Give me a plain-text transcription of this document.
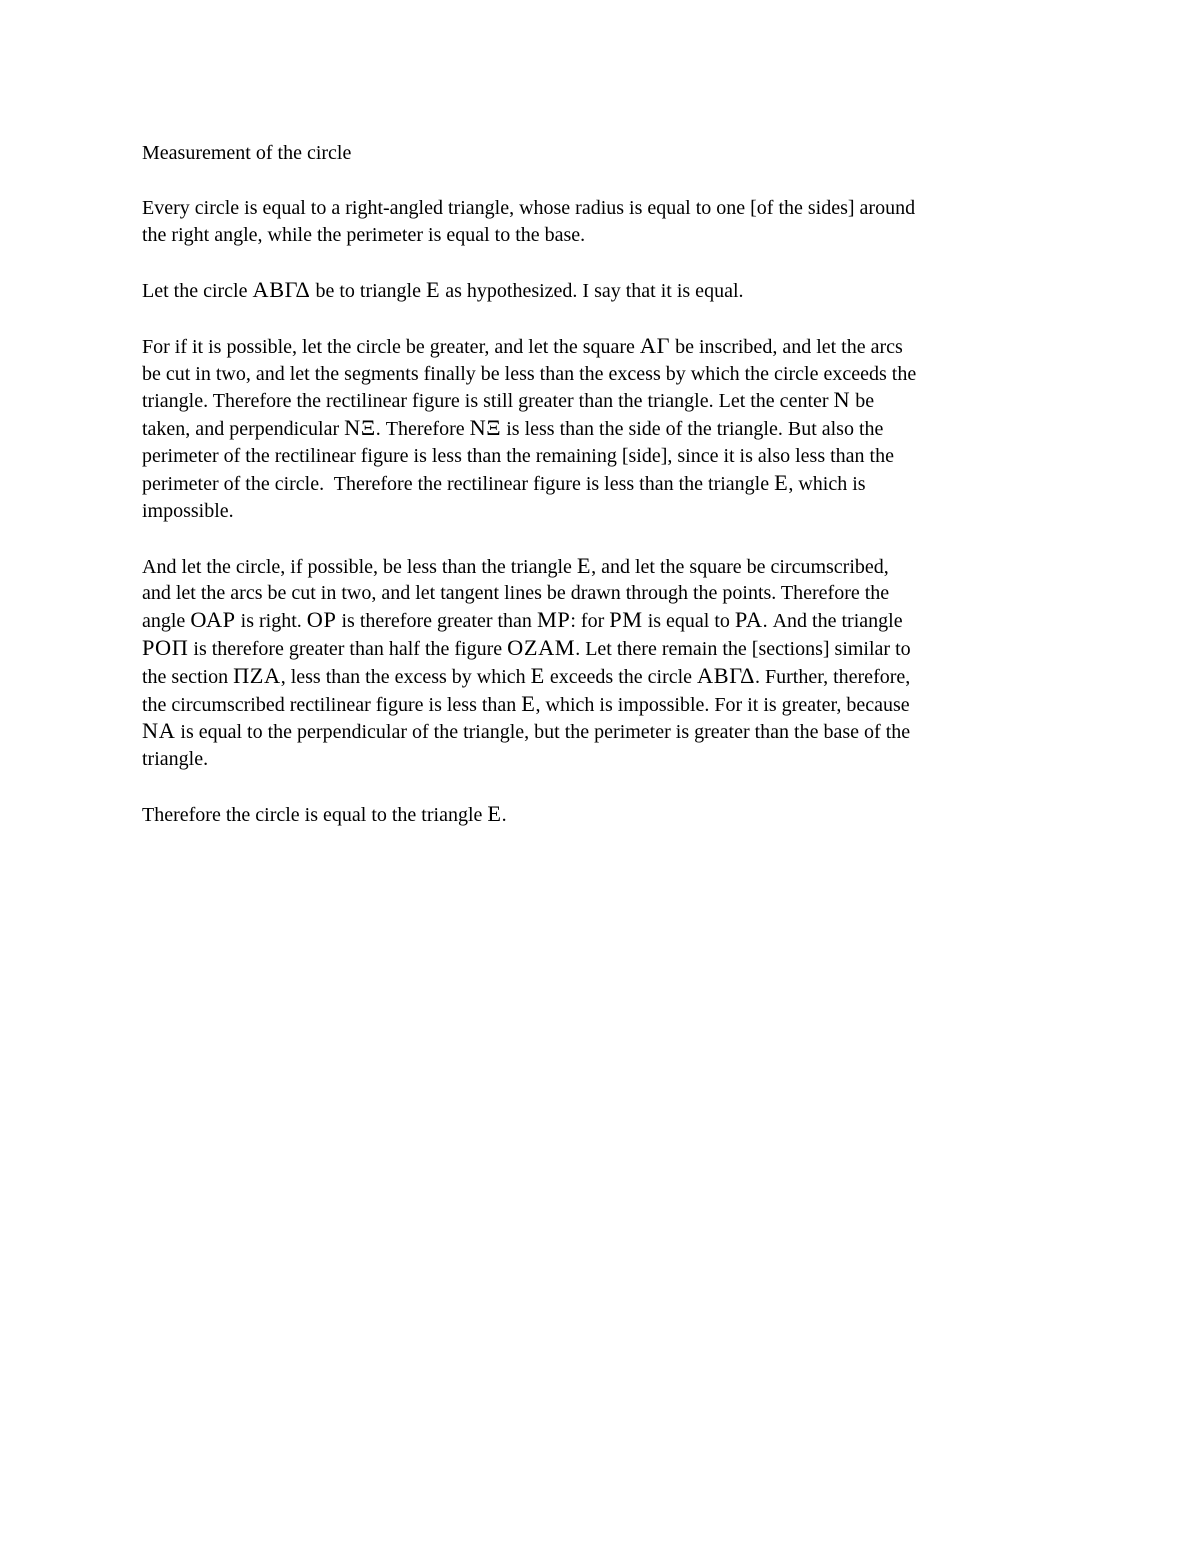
Measurement of the circle
Every circle is equal to a right-angled triangle, whose radius is equal to one [of the sides] around
the right angle, while the perimeter is equal to the base.
Let the circle ΑΒΓΔ be to triangle Ε as hypothesized. I say that it is equal.
For if it is possible, let the circle be greater, and let the square ΑΓ be inscribed, and let the arcs
be cut in two, and let the segments finally be less than the excess by which the circle exceeds the
triangle. Therefore the rectilinear figure is still greater than the triangle. Let the center Ν be
taken, and perpendicular ΝΞ. Therefore ΝΞ is less than the side of the triangle. But also the
perimeter of the rectilinear figure is less than the remaining [side], since it is also less than the
perimeter of the circle.  Therefore the rectilinear figure is less than the triangle Ε, which is
impossible.
And let the circle, if possible, be less than the triangle Ε, and let the square be circumscribed,
and let the arcs be cut in two, and let tangent lines be drawn through the points. Therefore the
angle ΟΑΡ is right. ΟΡ is therefore greater than ΜΡ: for ΡΜ is equal to ΡΑ. And the triangle
ΡΟΠ is therefore greater than half the figure ΟΖΑΜ. Let there remain the [sections] similar to
the section ΠΖΑ, less than the excess by which Ε exceeds the circle ΑΒΓΔ. Further, therefore,
the circumscribed rectilinear figure is less than Ε, which is impossible. For it is greater, because
ΝΑ is equal to the perpendicular of the triangle, but the perimeter is greater than the base of the
triangle.
Therefore the circle is equal to the triangle Ε.
